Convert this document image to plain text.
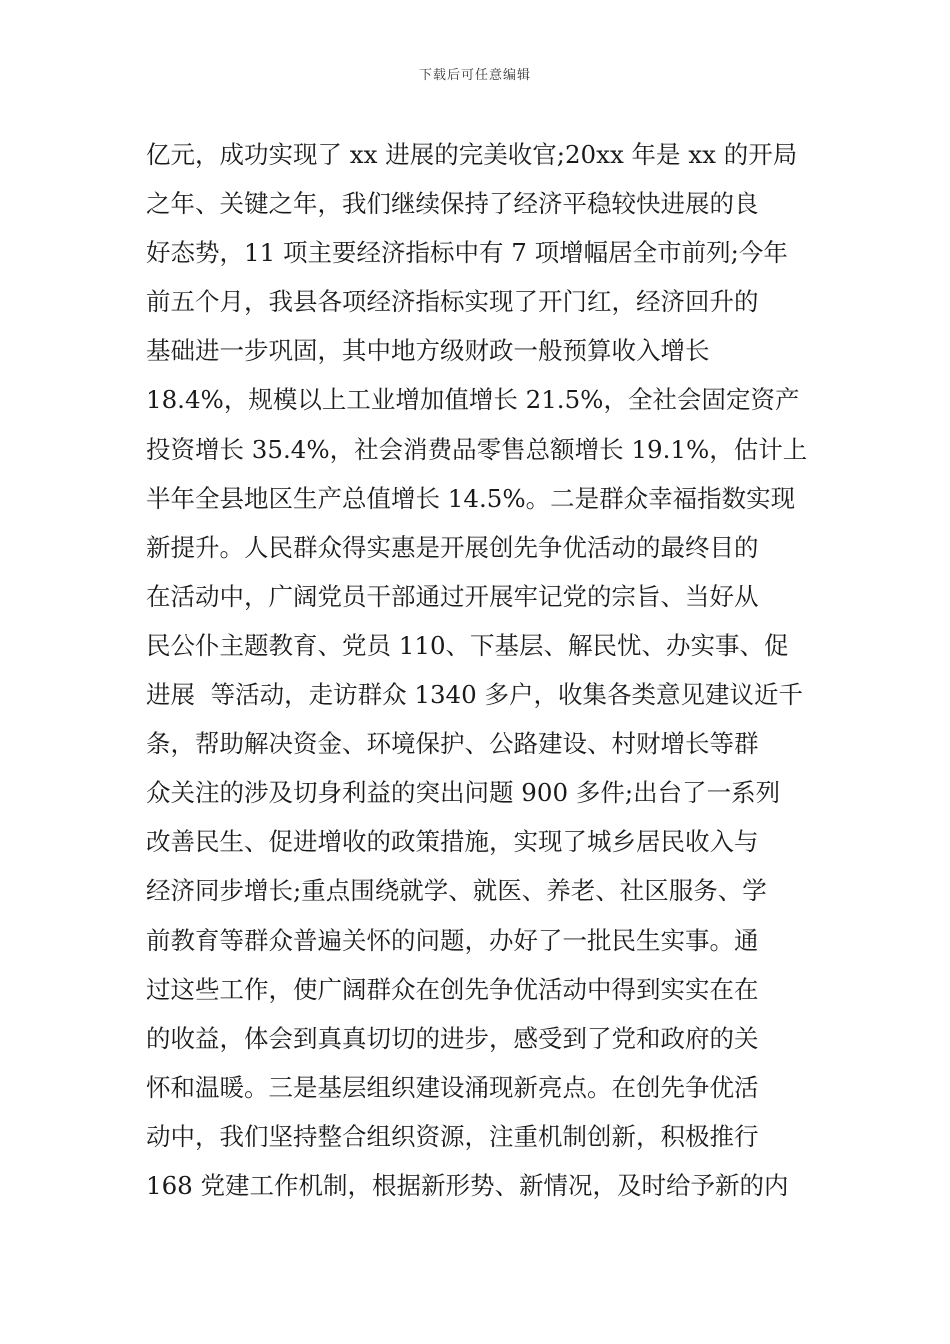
下载后可任意编辑
亿元，成功实现了 xx 进展的完美收官;20xx 年是 xx 的开局
之年、关键之年，我们继续保持了经济平稳较快进展的良
好态势，11 项主要经济指标中有 7 项增幅居全市前列;今年
前五个月，我县各项经济指标实现了开门红，经济回升的
基础进一步巩固，其中地方级财政一般预算收入增长
18.4%，规模以上工业增加值增长 21.5%，全社会固定资产
投资增长 35.4%，社会消费品零售总额增长 19.1%，估计上
半年全县地区生产总值增长 14.5%。二是群众幸福指数实现
新提升。人民群众得实惠是开展创先争优活动的最终目的
在活动中，广阔党员干部通过开展牢记党的宗旨、当好从
民公仆主题教育、党员 110、下基层、解民忧、办实事、促
进展  等活动，走访群众 1340 多户，收集各类意见建议近千
条，帮助解决资金、环境保护、公路建设、村财增长等群
众关注的涉及切身利益的突出问题 900 多件;出台了一系列
改善民生、促进增收的政策措施，实现了城乡居民收入与
经济同步增长;重点围绕就学、就医、养老、社区服务、学
前教育等群众普遍关怀的问题，办好了一批民生实事。通
过这些工作，使广阔群众在创先争优活动中得到实实在在
的收益，体会到真真切切的进步，感受到了党和政府的关
怀和温暖。三是基层组织建设涌现新亮点。在创先争优活
动中，我们坚持整合组织资源，注重机制创新，积极推行
168 党建工作机制，根据新形势、新情况，及时给予新的内
